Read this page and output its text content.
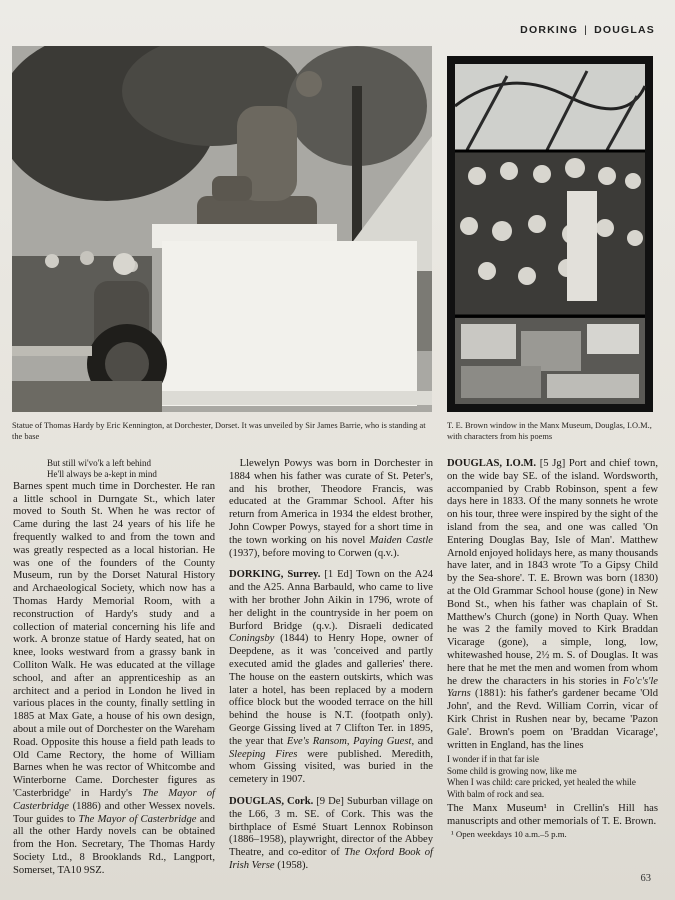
DORKING | DOUGLAS
Statue of Thomas Hardy by Eric Kennington, at Dorchester, Dorset. It was unveiled by Sir James Barrie, who is standing at the base
T. E. Brown window in the Manx Museum, Douglas, I.O.M., with characters from his poems

But still wi'vo'k a left behind

He'll always be a-kept in mind

Barnes spent much time in Dorchester. He ran a little school in Durngate St., which later moved to South St. When he was rector of Came during the last 24 years of his life he frequently walked to and from the town and was greatly respected as a local historian. He was one of the founders of the County Museum, run by the Dorset Natural History and Archaeological Society, which now has a Thomas Hardy Memorial Room, with a reconstruction of Hardy's study and a collection of material concerning his life and work. A bronze statue of Hardy seated, hat on knee, looks westward from a grassy bank in Colliton Walk. He was educated at the village school, and after an apprenticeship as an architect and a period in London he lived in various places in the county, finally settling in 1885 at Max Gate, a house of his own design, about a mile out of Dorchester on the Wareham Road. Opposite this house a field path leads to Old Came Rectory, the home of William Barnes when he was rector of Whitcombe and Winterborne Came. Dorchester figures as 'Casterbridge' in Hardy's The Mayor of Casterbridge (1886) and other Wessex novels. Tour guides to The Mayor of Casterbridge and all the other Hardy novels can be obtained from the Hon. Secretary, The Thomas Hardy Society Ltd., 8 Brooklands Rd., Langport, Somerset, TA10 9SZ.

 Llewelyn Powys was born in Dorchester in 1884 when his father was curate of St. Peter's, and his brother, Theodore Francis, was educated at the Grammar School. After his return from America in 1934 the eldest brother, John Cowper Powys, stayed for a short time in the town working on his novel Maiden Castle (1937), before moving to Corwen (q.v.).

DORKING, Surrey. [1 Ed] Town on the A24 and the A25. Anna Barbauld, who came to live with her brother John Aikin in 1796, wrote of her delight in the countryside in her poem on Burford Bridge (q.v.). Disraeli dedicated Coningsby (1844) to Henry Hope, owner of Deepdene, as it was 'conceived and partly executed amid the glades and galleries' there. The house on the eastern outskirts, which was later a hotel, has been replaced by a modern office block but the wooded terrace on the hill behind the house is N.T. (footpath only). George Gissing lived at 7 Clifton Ter. in 1895, the year that Eve's Ransom, Paying Guest, and Sleeping Fires were published. Meredith, whom Gissing visited, was buried in the cemetery in 1907.

DOUGLAS, Cork. [9 De] Suburban village on the L66, 3 m. SE. of Cork. This was the birthplace of Esmé Stuart Lennox Robinson (1886–1958), playwright, director of the Abbey Theatre, and co-editor of The Oxford Book of Irish Verse (1958).

DOUGLAS, I.O.M. [5 Jg] Port and chief town, on the wide bay SE. of the island. Wordsworth, accompanied by Crabb Robinson, spent a few days here in 1833. Of the many sonnets he wrote on his tour, three were inspired by the sight of the island from the sea, and one was called 'On Entering Douglas Bay, Isle of Man'. Matthew Arnold enjoyed holidays here, as many thousands have later, and in 1843 wrote 'To a Gipsy Child by the Sea-shore'. T. E. Brown was born (1830) at the Old Grammar School house (gone) in New Bond St., when his father was chaplain of St. Matthew's Church (gone) in North Quay. When he was 2 the family moved to Kirk Braddan Vicarage (gone), a simple, long, low, whitewashed house, 2½ m. S. of Douglas. It was here that he met the men and women from whom he drew the characters in his stories in Fo'c's'le Yarns (1881): his father's gardener became 'Old John', and the Revd. William Corrin, vicar of Kirk Christ in Rushen near by, became 'Pazon Gale'. Brown's poem on 'Braddan Vicarage', written in England, has the lines

I wonder if in that far isle

Some child is growing now, like me

When I was child: care pricked, yet healed the while

With balm of rock and sea.

The Manx Museum¹ in Crellin's Hill has manuscripts and other memorials of T. E. Brown.

¹ Open weekdays 10 a.m.–5 p.m.

63
